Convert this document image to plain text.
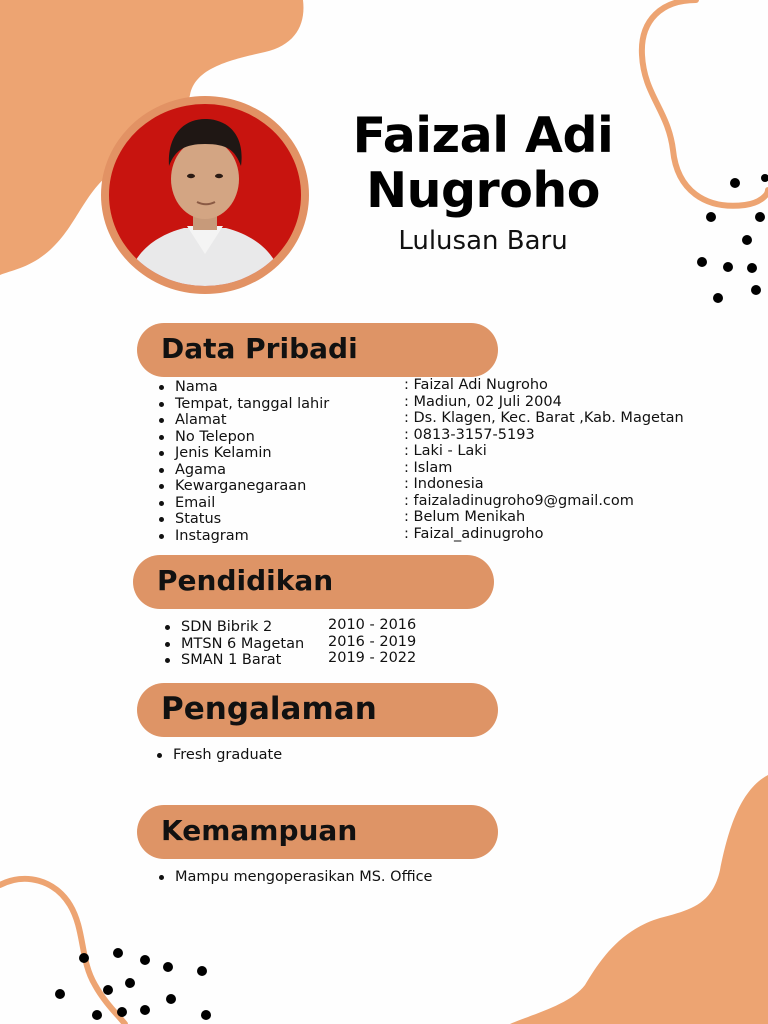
Faizal Adi
Nugroho
Lulusan Baru
Data Pribadi
Nama
Tempat, tanggal lahir
Alamat
No Telepon
Jenis Kelamin
Agama
Kewarganegaraan
Email
Status
Instagram
: Faizal Adi Nugroho
: Madiun, 02 Juli 2004
: Ds. Klagen, Kec. Barat ,Kab. Magetan
: 0813-3157-5193
: Laki - Laki
: Islam
: Indonesia
: faizaladinugroho9@gmail.com
: Belum Menikah
: Faizal_adinugroho
Pendidikan
SDN Bibrik 2
MTSN 6 Magetan
SMAN 1 Barat
2010 - 2016
2016 - 2019
2019 - 2022
Pengalaman
Fresh graduate
Kemampuan
Mampu mengoperasikan MS. Office
